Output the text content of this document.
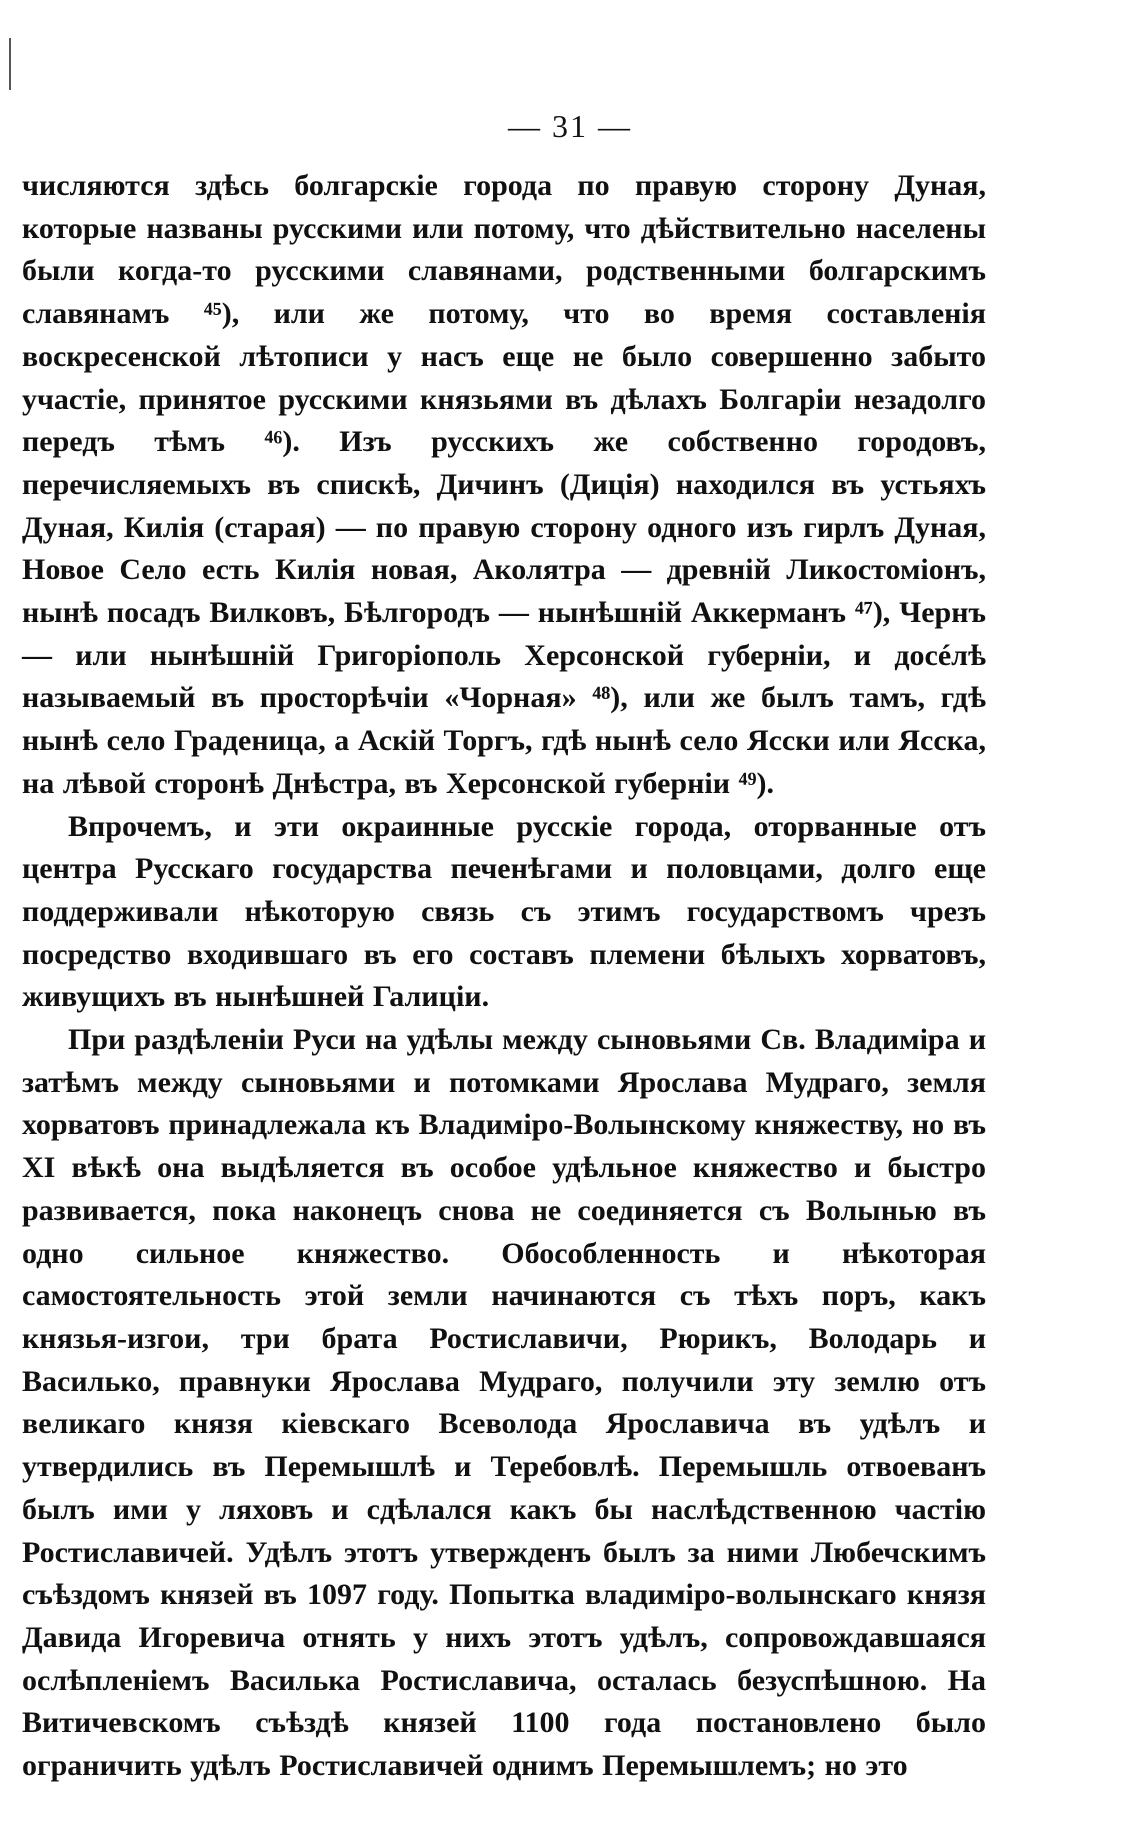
— 31 —

числяются здѣсь болгарскіе города по правую сторону Дуная, которые названы русскими или потому, что дѣйствительно населены были когда-то русскими славянами, родственными болгарскимъ славянамъ ⁴⁵), или же потому, что во время составленія воскресенской лѣтописи у насъ еще не было совершенно забыто участіе, принятое русскими князьями въ дѣлахъ Болгаріи незадолго передъ тѣмъ ⁴⁶). Изъ русскихъ же собственно городовъ, перечисляемыхъ въ спискѣ, Дичинъ (Диція) находился въ устьяхъ Дуная, Килія (старая) — по правую сторону одного изъ гирлъ Дуная, Новое Село есть Килія новая, Аколятра — древній Ликостоміонъ, нынѣ посадъ Вилковъ, Бѣлгородъ — нынѣшній Аккерманъ ⁴⁷), Чернъ — или нынѣшній Григоріополь Херсонской губерніи, и досéлѣ называемый въ просторѣчіи «Чорная» ⁴⁸), или же былъ тамъ, гдѣ нынѣ село Граденица, а Аскій Торгъ, гдѣ нынѣ село Ясски или Ясска, на лѣвой сторонѣ Днѣстра, въ Херсонской губерніи ⁴⁹).

Впрочемъ, и эти окраинные русскіе города, оторванные отъ центра Русскаго государства печенѣгами и половцами, долго еще поддерживали нѣкоторую связь съ этимъ государствомъ чрезъ посредство входившаго въ его составъ племени бѣлыхъ хорватовъ, живущихъ въ нынѣшней Галиціи.

При раздѣленіи Руси на удѣлы между сыновьями Св. Владиміра и затѣмъ между сыновьями и потомками Ярослава Мудраго, земля хорватовъ принадлежала къ Владиміро-Волынскому княжеству, но въ XI вѣкѣ она выдѣляется въ особое удѣльное княжество и быстро развивается, пока наконецъ снова не соединяется съ Волынью въ одно сильное княжество. Обособленность и нѣкоторая самостоятельность этой земли начинаются съ тѣхъ поръ, какъ князья-изгои, три брата Ростиславичи, Рюрикъ, Володарь и Василько, правнуки Ярослава Мудраго, получили эту землю отъ великаго князя кіевскаго Всеволода Ярославича въ удѣлъ и утвердились въ Перемышлѣ и Теребовлѣ. Перемышль отвоеванъ былъ ими у ляховъ и сдѣлался какъ бы наслѣдственною частію Ростиславичей. Удѣлъ этотъ утвержденъ былъ за ними Любечскимъ съѣздомъ князей въ 1097 году. Попытка владиміро-волынскаго князя Давида Игоревича отнять у нихъ этотъ удѣлъ, сопровождавшаяся ослѣпленіемъ Василька Ростиславича, осталась безуспѣшною. На Витичевскомъ съѣздѣ князей 1100 года постановлено было ограничить удѣлъ Ростиславичей однимъ Перемышлемъ; но это
